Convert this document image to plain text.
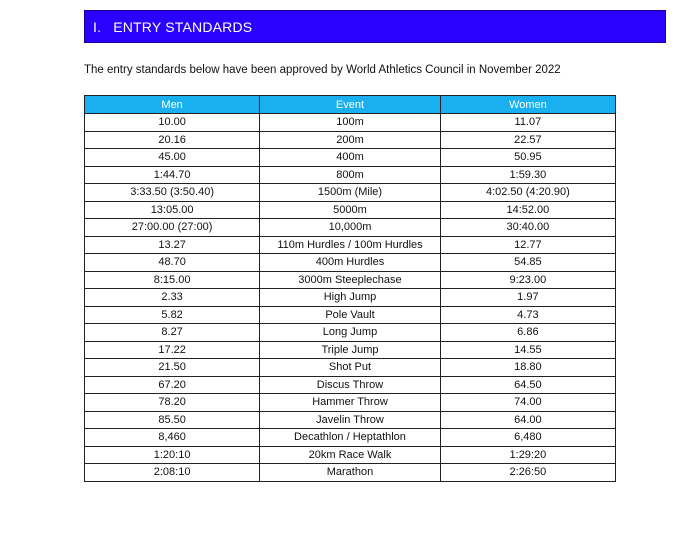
I. ENTRY STANDARDS
The entry standards below have been approved by World Athletics Council in November 2022
Men	Event	Women
10.00	100m	11.07
20.16	200m	22.57
45.00	400m	50.95
1:44.70	800m	1:59.30
3:33.50 (3:50.40)	1500m (Mile)	4:02.50 (4:20.90)
13:05.00	5000m	14:52.00
27:00.00 (27:00)	10,000m	30:40.00
13.27	110m Hurdles / 100m Hurdles	12.77
48.70	400m Hurdles	54.85
8:15.00	3000m Steeplechase	9:23.00
2.33	High Jump	1.97
5.82	Pole Vault	4.73
8.27	Long Jump	6.86
17.22	Triple Jump	14.55
21.50	Shot Put	18.80
67.20	Discus Throw	64.50
78.20	Hammer Throw	74.00
85.50	Javelin Throw	64.00
8,460	Decathlon / Heptathlon	6,480
1:20:10	20km Race Walk	1:29:20
2:08:10	Marathon	2:26:50
